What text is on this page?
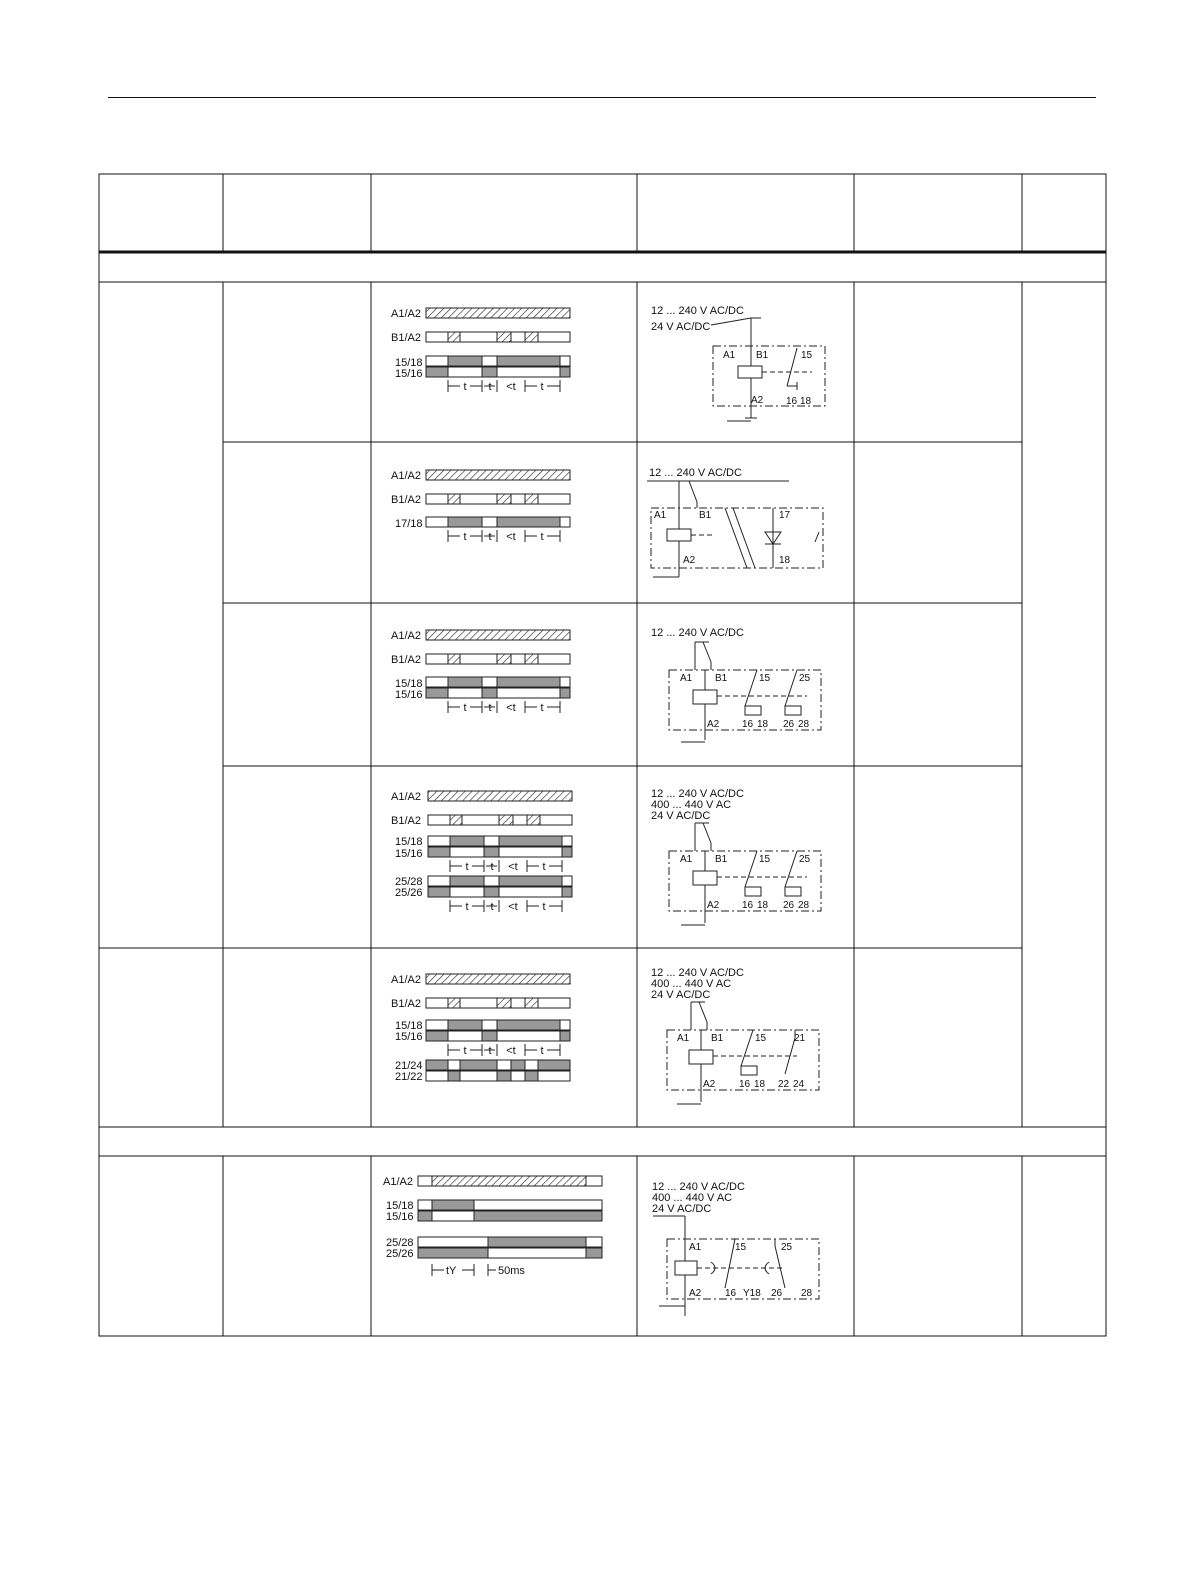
A1/A2
B1/A2
15/18
15/16
t t <t t
12 ... 240 V AC/DC
24 V AC/DC
A1 B1	15
A2 16 18
A1/A2
B1/A2
17/18
t t <t t
12 ... 240 V AC/DC
A1	B1	17
A2	18
A1/A2
B1/A2
15/18
15/16
t t <t t
12 ... 240 V AC/DC
A1 B1	15	25
A2 16 18 26 28
A1/A2
B1/A2
15/18
15/16
25/28
25/26
t t <t t
t t <t t
12 ... 240 V AC/DC
400 ... 440 V AC
24 V AC/DC
A1 B1	15	25
A2 16 18 26 28
A1/A2
B1/A2
15/18
15/16
21/24
21/22
t t <t t
12 ... 240 V AC/DC
400 ... 440 V AC
24 V AC/DC
A1 B1	15	21
A2 16 18 22 24
A1/A2
15/18
15/16
25/28
25/26
tY	50ms
12 ... 240 V AC/DC
400 ... 440 V AC
24 V AC/DC
A1	15	25
A2 16 Y18 26 28
